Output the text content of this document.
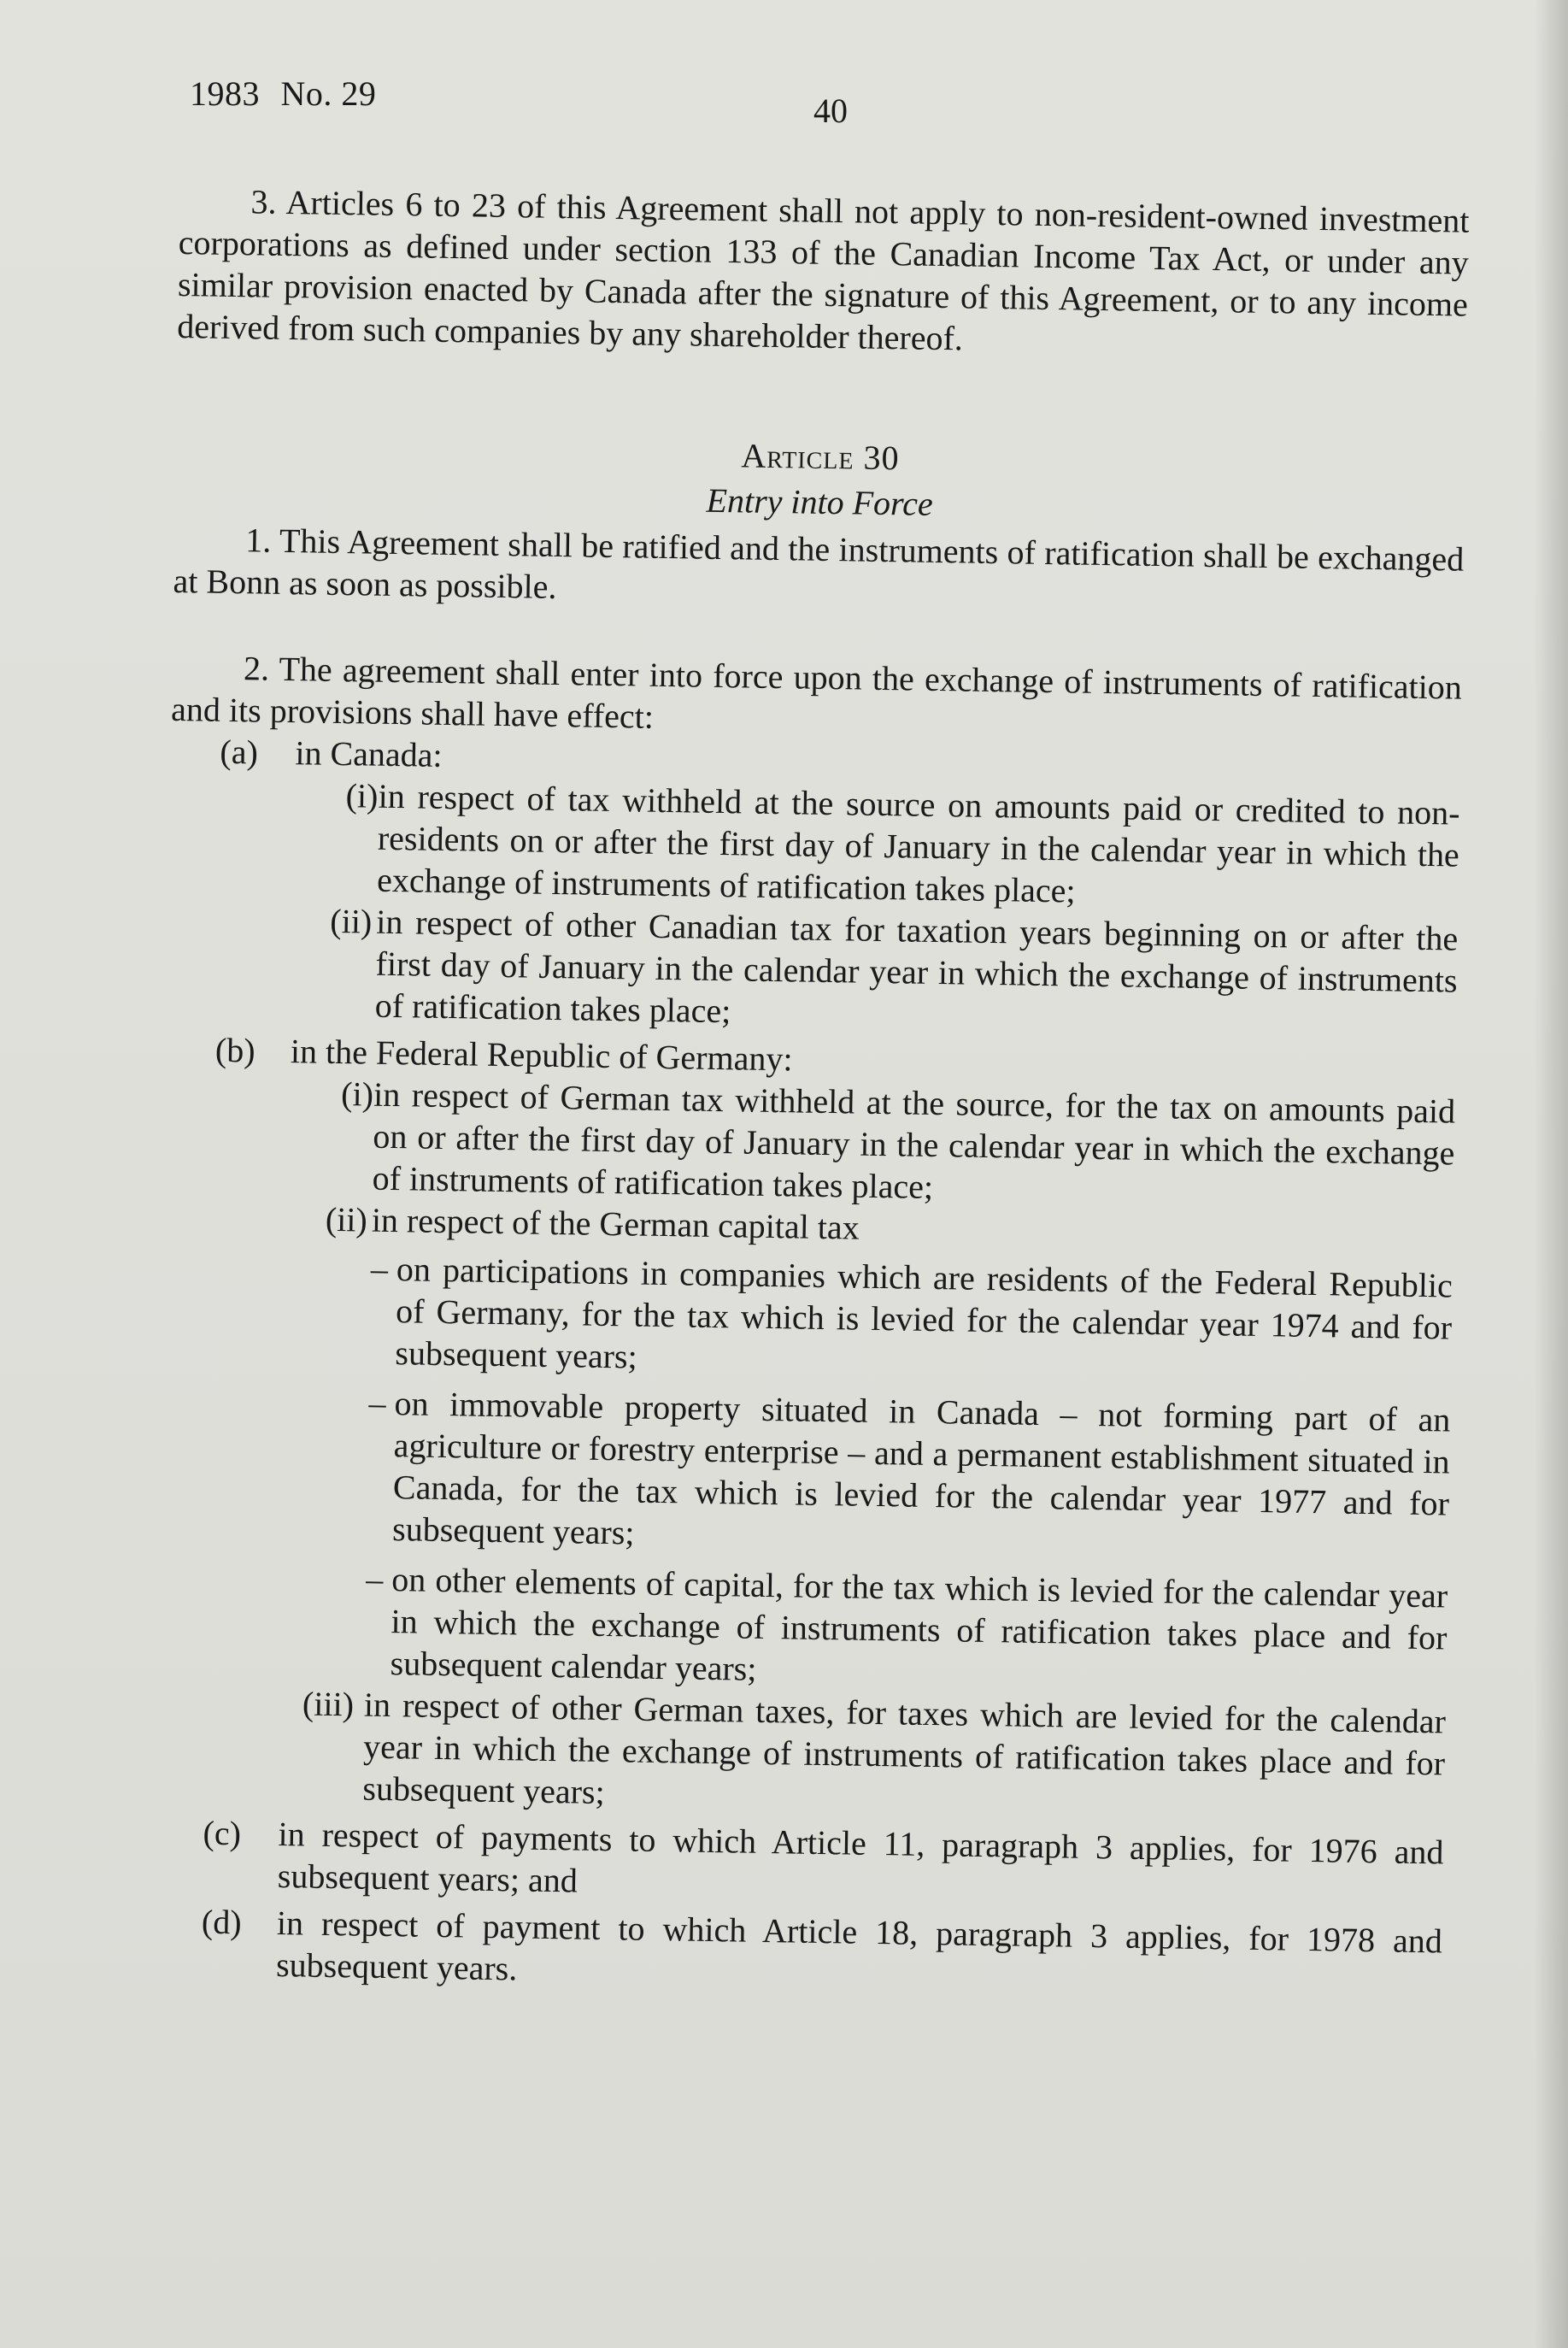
1983 No. 29	40

3. Articles 6 to 23 of this Agreement shall not apply to non-resident-owned investment corporations as defined under section 133 of the Canadian Income Tax Act, or under any similar provision enacted by Canada after the signature of this Agreement, or to any income derived from such companies by any shareholder thereof.

Article 30

Entry into Force

1. This Agreement shall be ratified and the instruments of ratification shall be exchanged at Bonn as soon as possible.

2. The agreement shall enter into force upon the exchange of instruments of ratification and its provisions shall have effect:

(a) in Canada:
(i) in respect of tax withheld at the source on amounts paid or credited to non-residents on or after the first day of January in the calendar year in which the exchange of instruments of ratification takes place;
(ii) in respect of other Canadian tax for taxation years beginning on or after the first day of January in the calendar year in which the exchange of instruments of ratification takes place;
(b) in the Federal Republic of Germany:
(i) in respect of German tax withheld at the source, for the tax on amounts paid on or after the first day of January in the calendar year in which the exchange of instruments of ratification takes place;
(ii) in respect of the German capital tax
– on participations in companies which are residents of the Federal Republic of Germany, for the tax which is levied for the calendar year 1974 and for subsequent years;
– on immovable property situated in Canada – not forming part of an agriculture or forestry enterprise – and a permanent establishment situated in Canada, for the tax which is levied for the calendar year 1977 and for subsequent years;
– on other elements of capital, for the tax which is levied for the calendar year in which the exchange of instruments of ratification takes place and for subsequent calendar years;
(iii) in respect of other German taxes, for taxes which are levied for the calendar year in which the exchange of instruments of ratification takes place and for subsequent years;
(c) in respect of payments to which Article 11, paragraph 3 applies, for 1976 and subsequent years; and
(d) in respect of payment to which Article 18, paragraph 3 applies, for 1978 and subsequent years.
